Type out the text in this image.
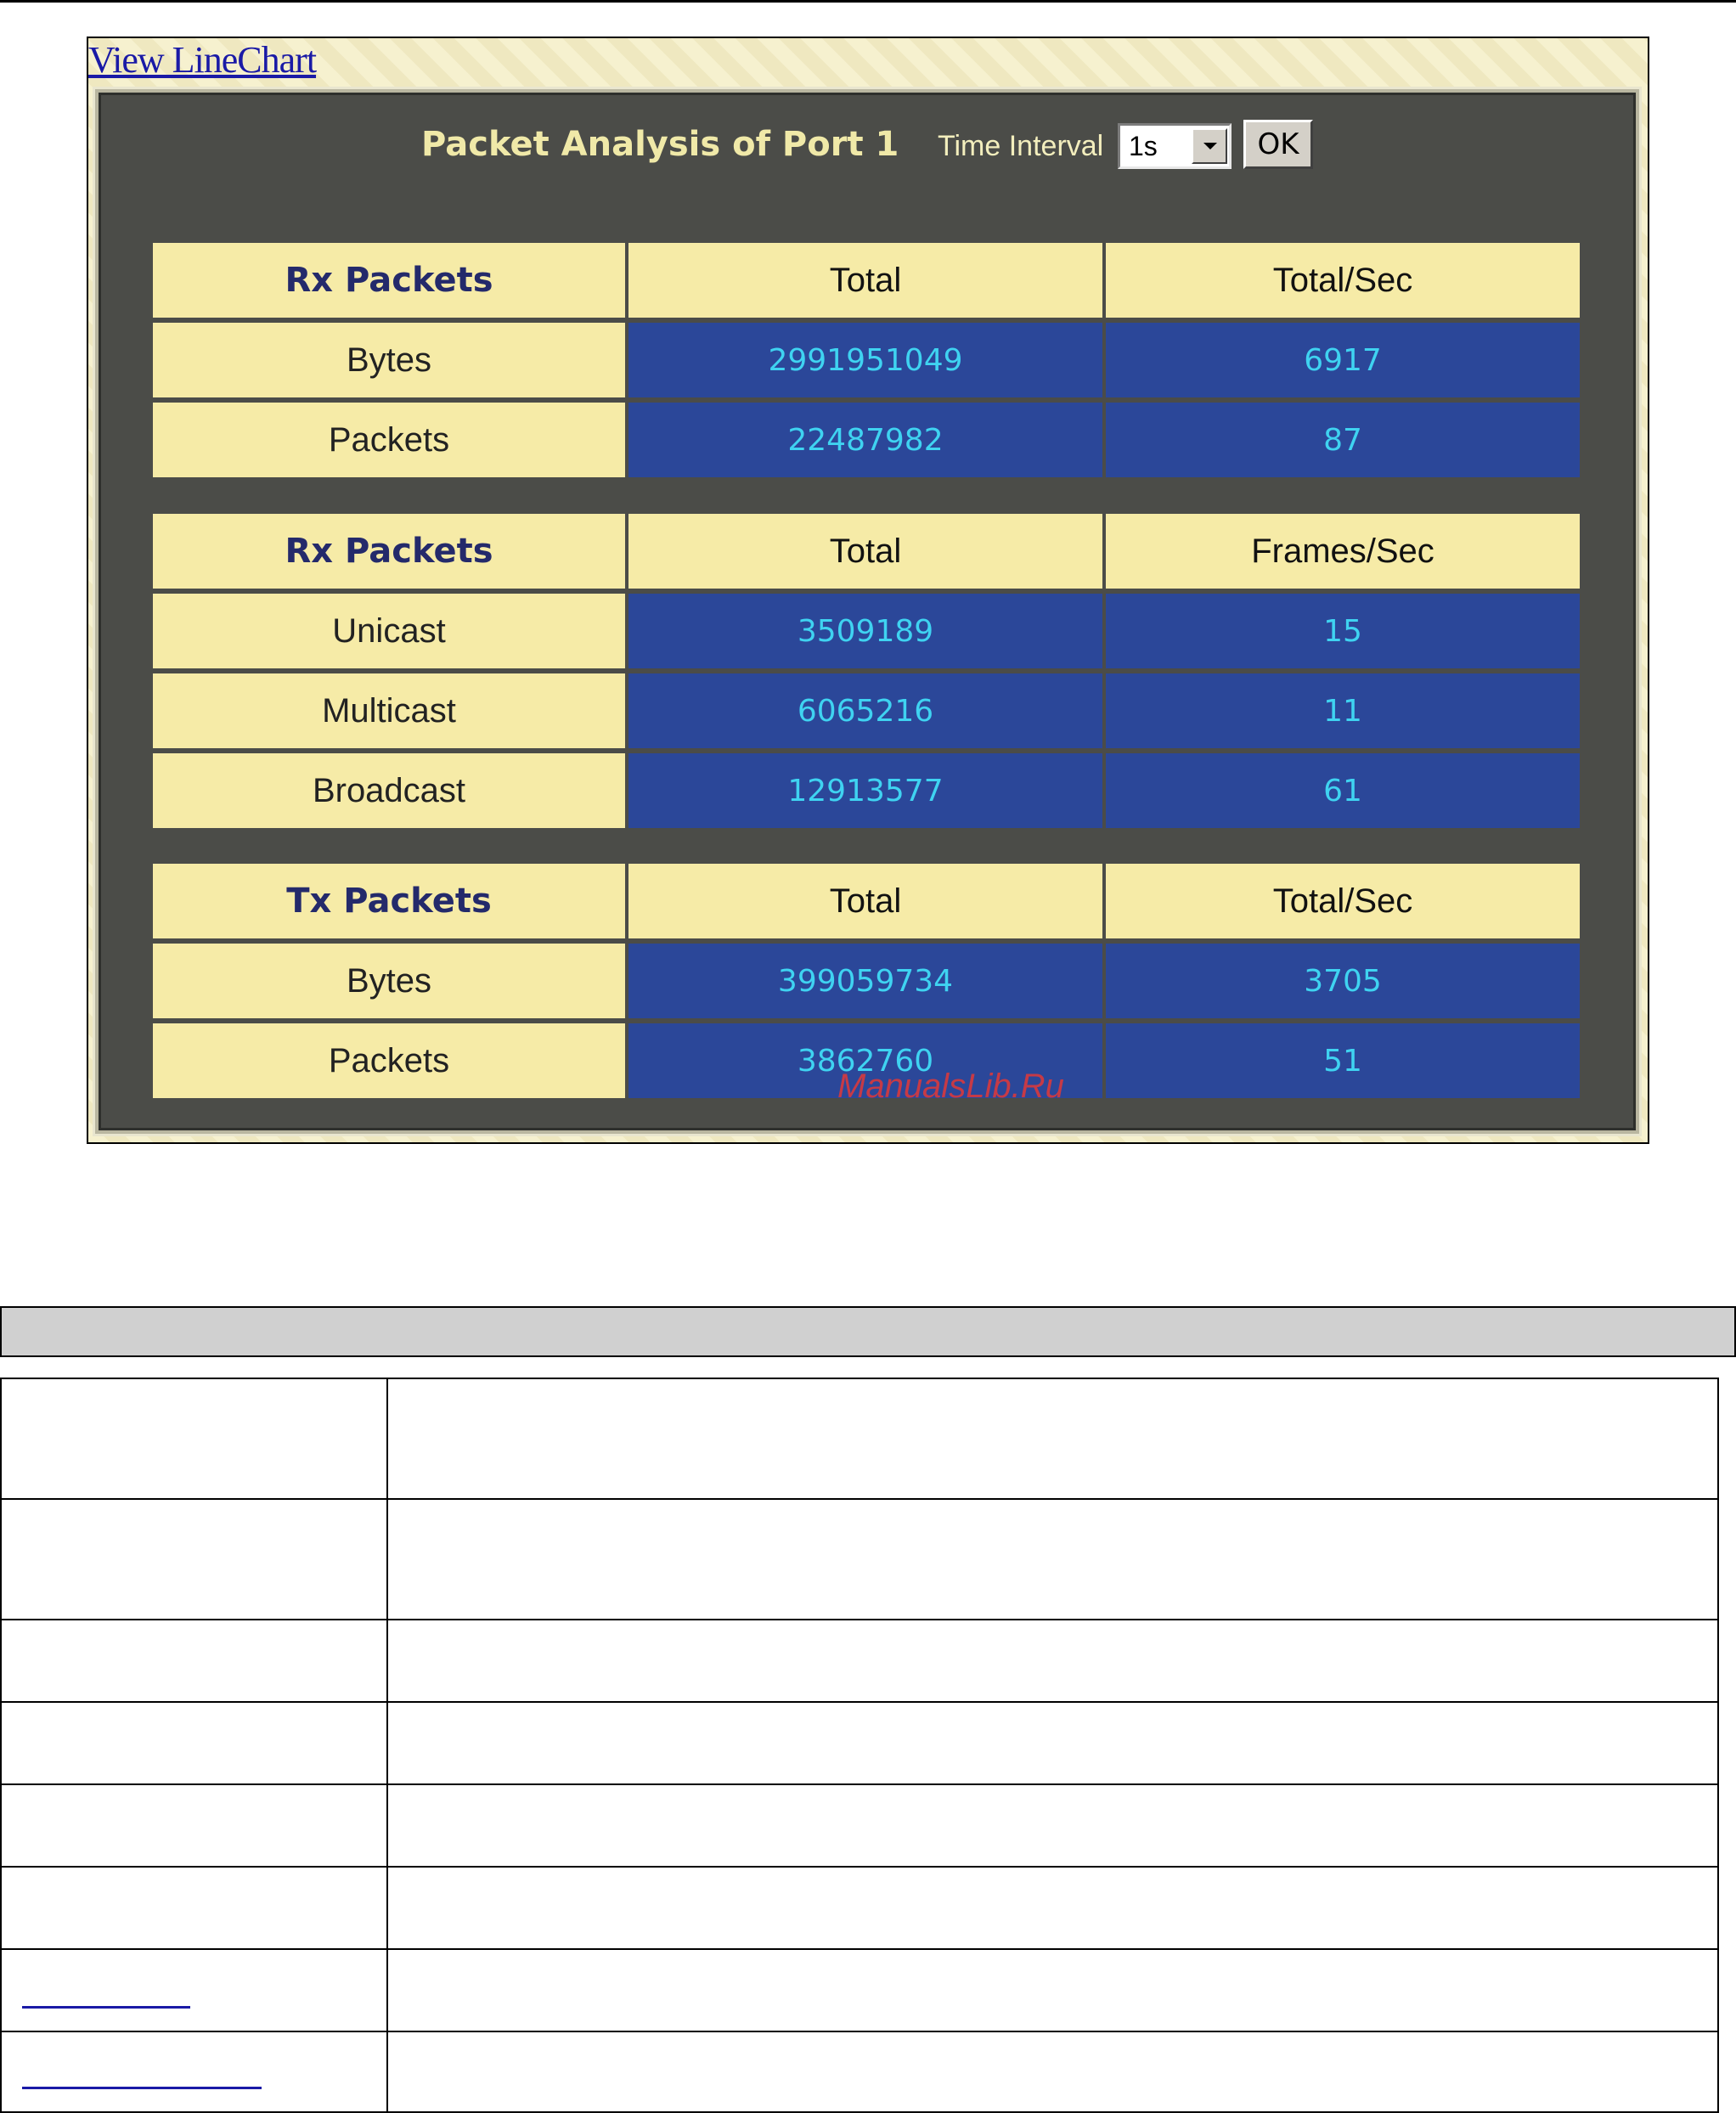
View LineChart
Packet Analysis of Port 1 Time Interval 1s	OK
Rx Packets	Total	Total/Sec
Bytes	2991951049	6917
Packets	22487982	87
Rx Packets	Total	Frames/Sec
Unicast	3509189	15
Multicast	6065216	11
Broadcast	12913577	61
Tx Packets	Total	Total/Sec
Bytes	399059734	3705
Packets	3862760	51
ManualsLib.Ru
